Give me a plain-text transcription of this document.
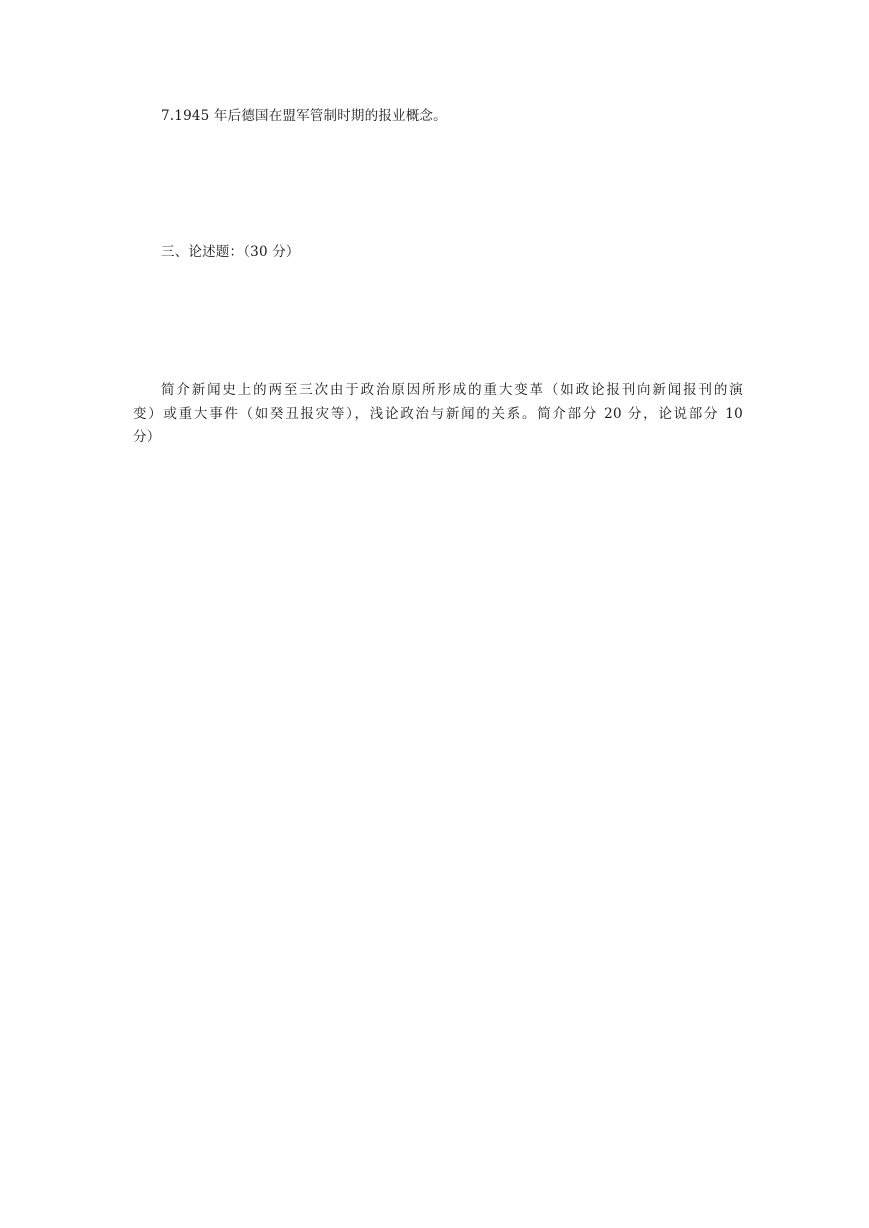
7.1945 年后德国在盟军管制时期的报业概念。
三、论述题：（30 分）
简介新闻史上的两至三次由于政治原因所形成的重大变革（如政论报刊向新闻报刊的演
变）或重大事件（如癸丑报灾等），浅论政治与新闻的关系。简介部分 20 分，论说部分 10
分）
